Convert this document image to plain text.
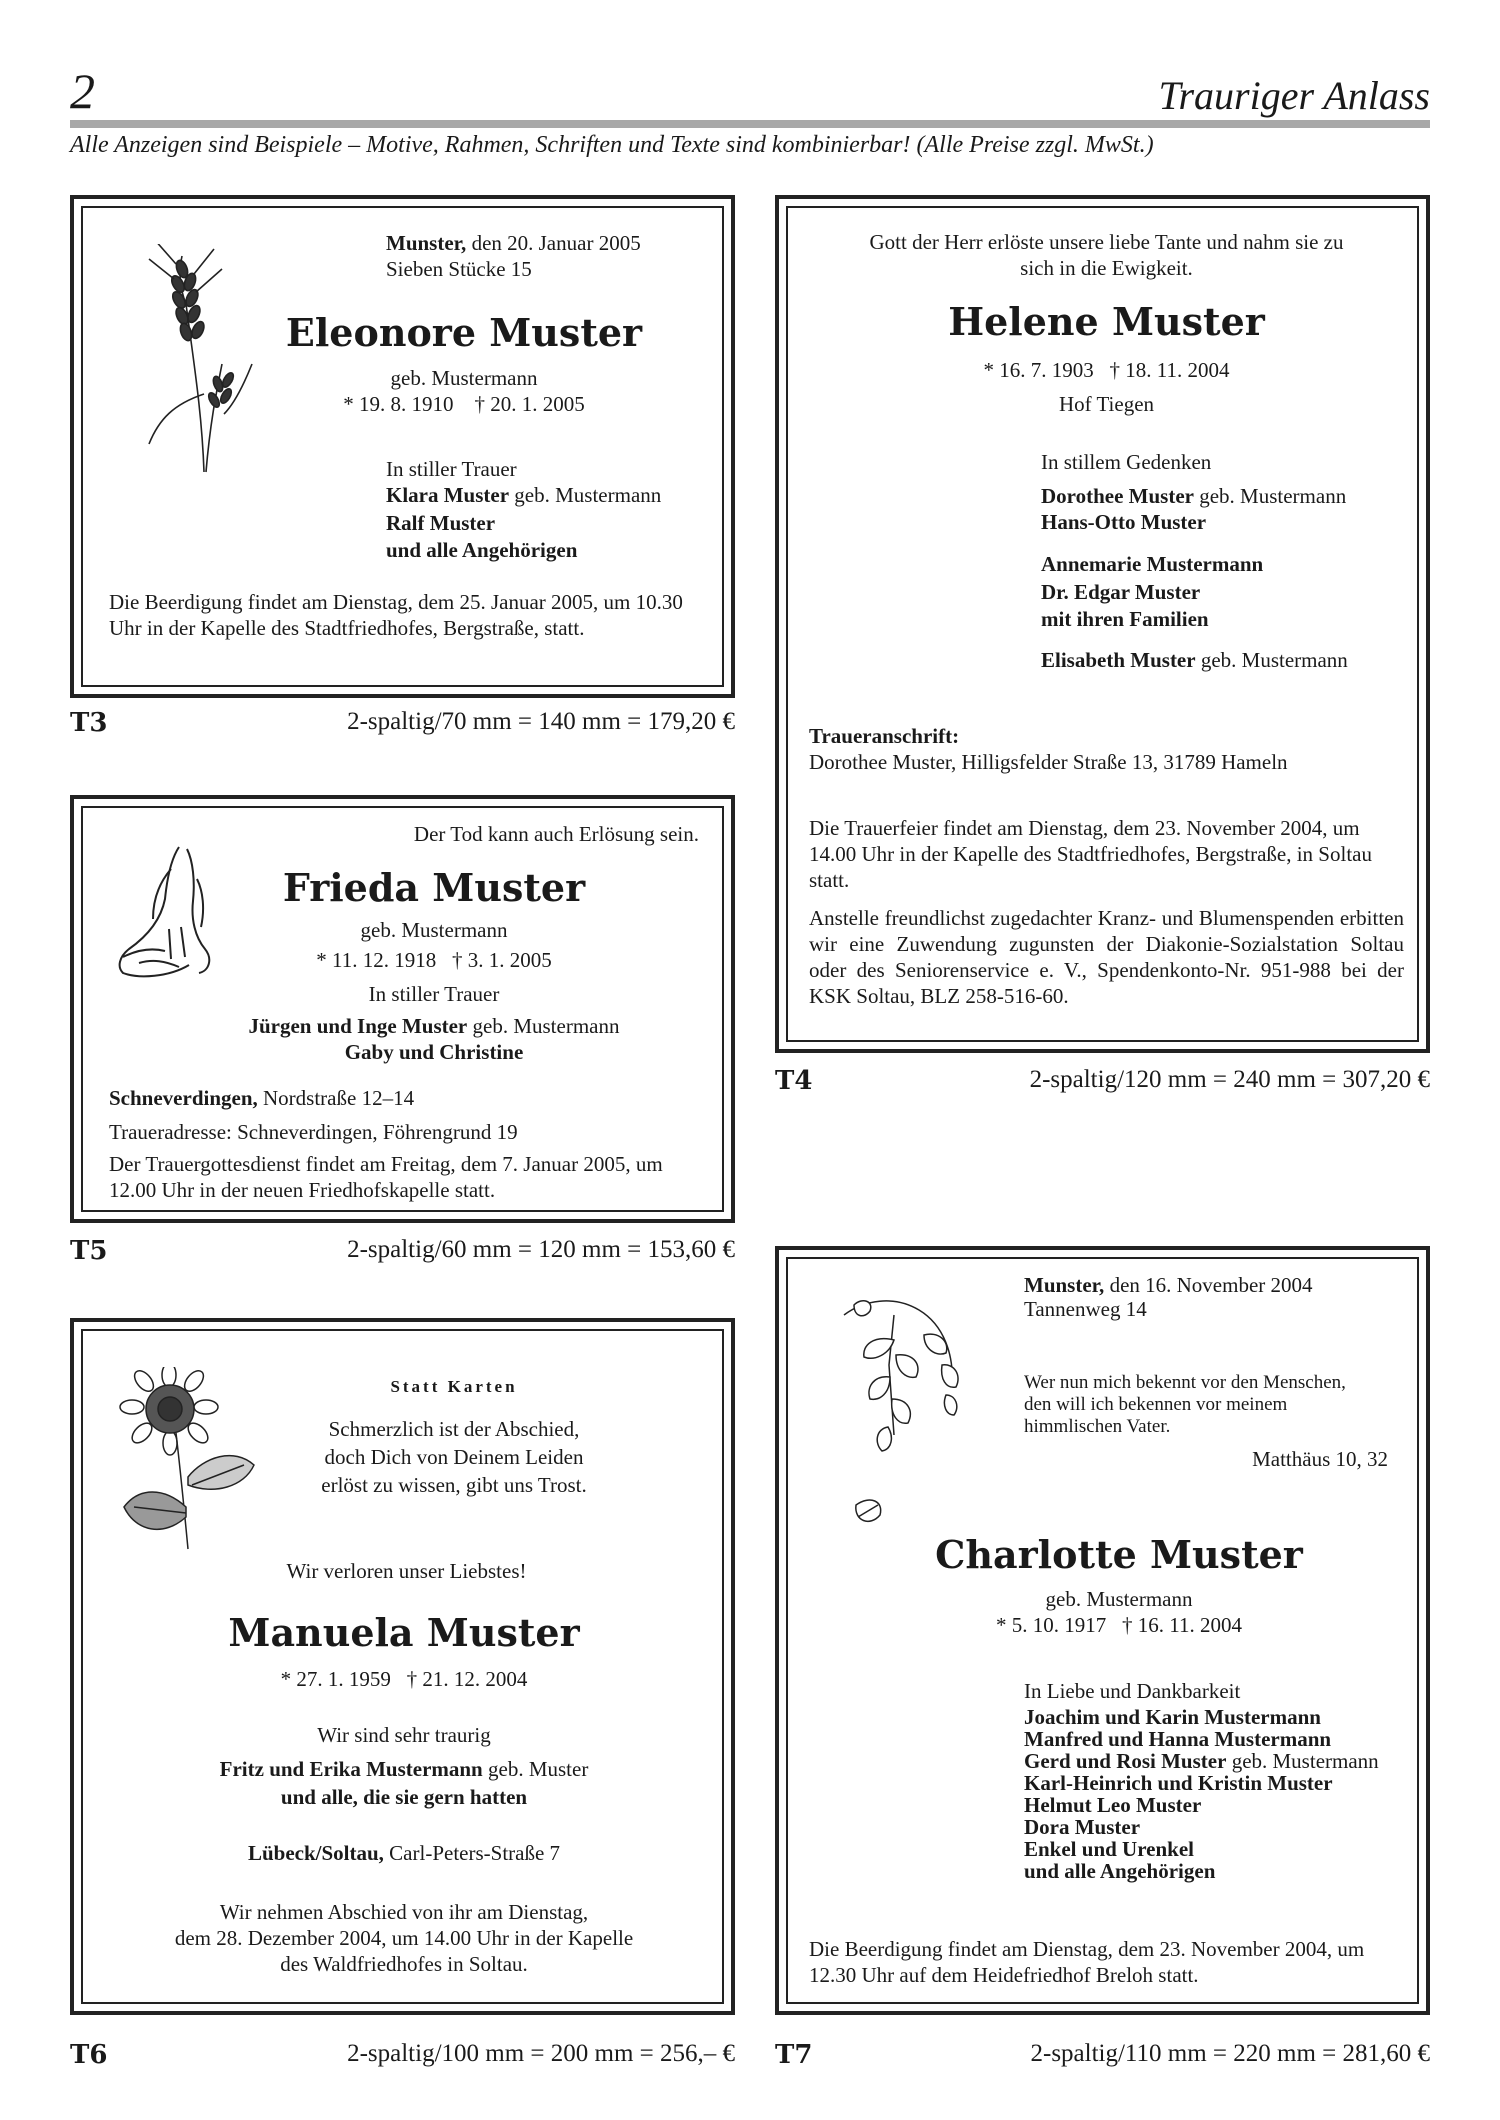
2	Trauriger Anlass
Alle Anzeigen sind Beispiele – Motive, Rahmen, Schriften und Texte sind kombinierbar! (Alle Preise zzgl. MwSt.)
Munster, den 20. Januar 2005
Sieben Stücke 15
Eleonore Muster
geb. Mustermann
* 19. 8. 1910    † 20. 1. 2005
In stiller Trauer
Klara Muster geb. Mustermann
Ralf Muster
und alle Angehörigen
Die Beerdigung findet am Dienstag, dem 25. Januar 2005, um 10.30 Uhr in der Kapelle des Stadtfriedhofes, Bergstraße, statt.
T3	2-spaltig/70 mm = 140 mm = 179,20 €
Gott der Herr erlöste unsere liebe Tante und nahm sie zu sich in die Ewigkeit.
Helene Muster
* 16. 7. 1903   † 18. 11. 2004
Hof Tiegen
In stillem Gedenken
Dorothee Muster geb. Mustermann
Hans-Otto Muster
Annemarie Mustermann
Dr. Edgar Muster
mit ihren Familien
Elisabeth Muster geb. Mustermann
Traueranschrift:
Dorothee Muster, Hilligsfelder Straße 13, 31789 Hameln
Die Trauerfeier findet am Dienstag, dem 23. November 2004, um 14.00 Uhr in der Kapelle des Stadtfriedhofes, Bergstraße, in Soltau statt.
Anstelle freundlichst zugedachter Kranz- und Blumenspenden erbitten wir eine Zuwendung zugunsten der Diakonie-Sozialstation Soltau oder des Seniorenservice e. V., Spendenkonto-Nr. 951-988 bei der KSK Soltau, BLZ 258-516-60.
T4	2-spaltig/120 mm = 240 mm = 307,20 €
Der Tod kann auch Erlösung sein.
Frieda Muster
geb. Mustermann
* 11. 12. 1918   † 3. 1. 2005
In stiller Trauer
Jürgen und Inge Muster geb. Mustermann
Gaby und Christine
Schneverdingen, Nordstraße 12–14
Traueradresse: Schneverdingen, Föhrengrund 19
Der Trauergottesdienst findet am Freitag, dem 7. Januar 2005, um 12.00 Uhr in der neuen Friedhofskapelle statt.
T5	2-spaltig/60 mm = 120 mm = 153,60 €
Statt Karten
Schmerzlich ist der Abschied,
doch Dich von Deinem Leiden
erlöst zu wissen, gibt uns Trost.
Wir verloren unser Liebstes!
Manuela Muster
* 27. 1. 1959   † 21. 12. 2004
Wir sind sehr traurig
Fritz und Erika Mustermann geb. Muster
und alle, die sie gern hatten
Lübeck/Soltau, Carl-Peters-Straße 7
Wir nehmen Abschied von ihr am Dienstag,
dem 28. Dezember 2004, um 14.00 Uhr in der Kapelle
des Waldfriedhofes in Soltau.
T6	2-spaltig/100 mm = 200 mm = 256,– €
Munster, den 16. November 2004
Tannenweg 14
Wer nun mich bekennt vor den Menschen,
den will ich bekennen vor meinem
himmlischen Vater.
Matthäus 10, 32
Charlotte Muster
geb. Mustermann
* 5. 10. 1917   † 16. 11. 2004
In Liebe und Dankbarkeit
Joachim und Karin Mustermann
Manfred und Hanna Mustermann
Gerd und Rosi Muster geb. Mustermann
Karl-Heinrich und Kristin Muster
Helmut Leo Muster
Dora Muster
Enkel und Urenkel
und alle Angehörigen
Die Beerdigung findet am Dienstag, dem 23. November 2004, um 12.30 Uhr auf dem Heidefriedhof Breloh statt.
T7	2-spaltig/110 mm = 220 mm = 281,60 €
